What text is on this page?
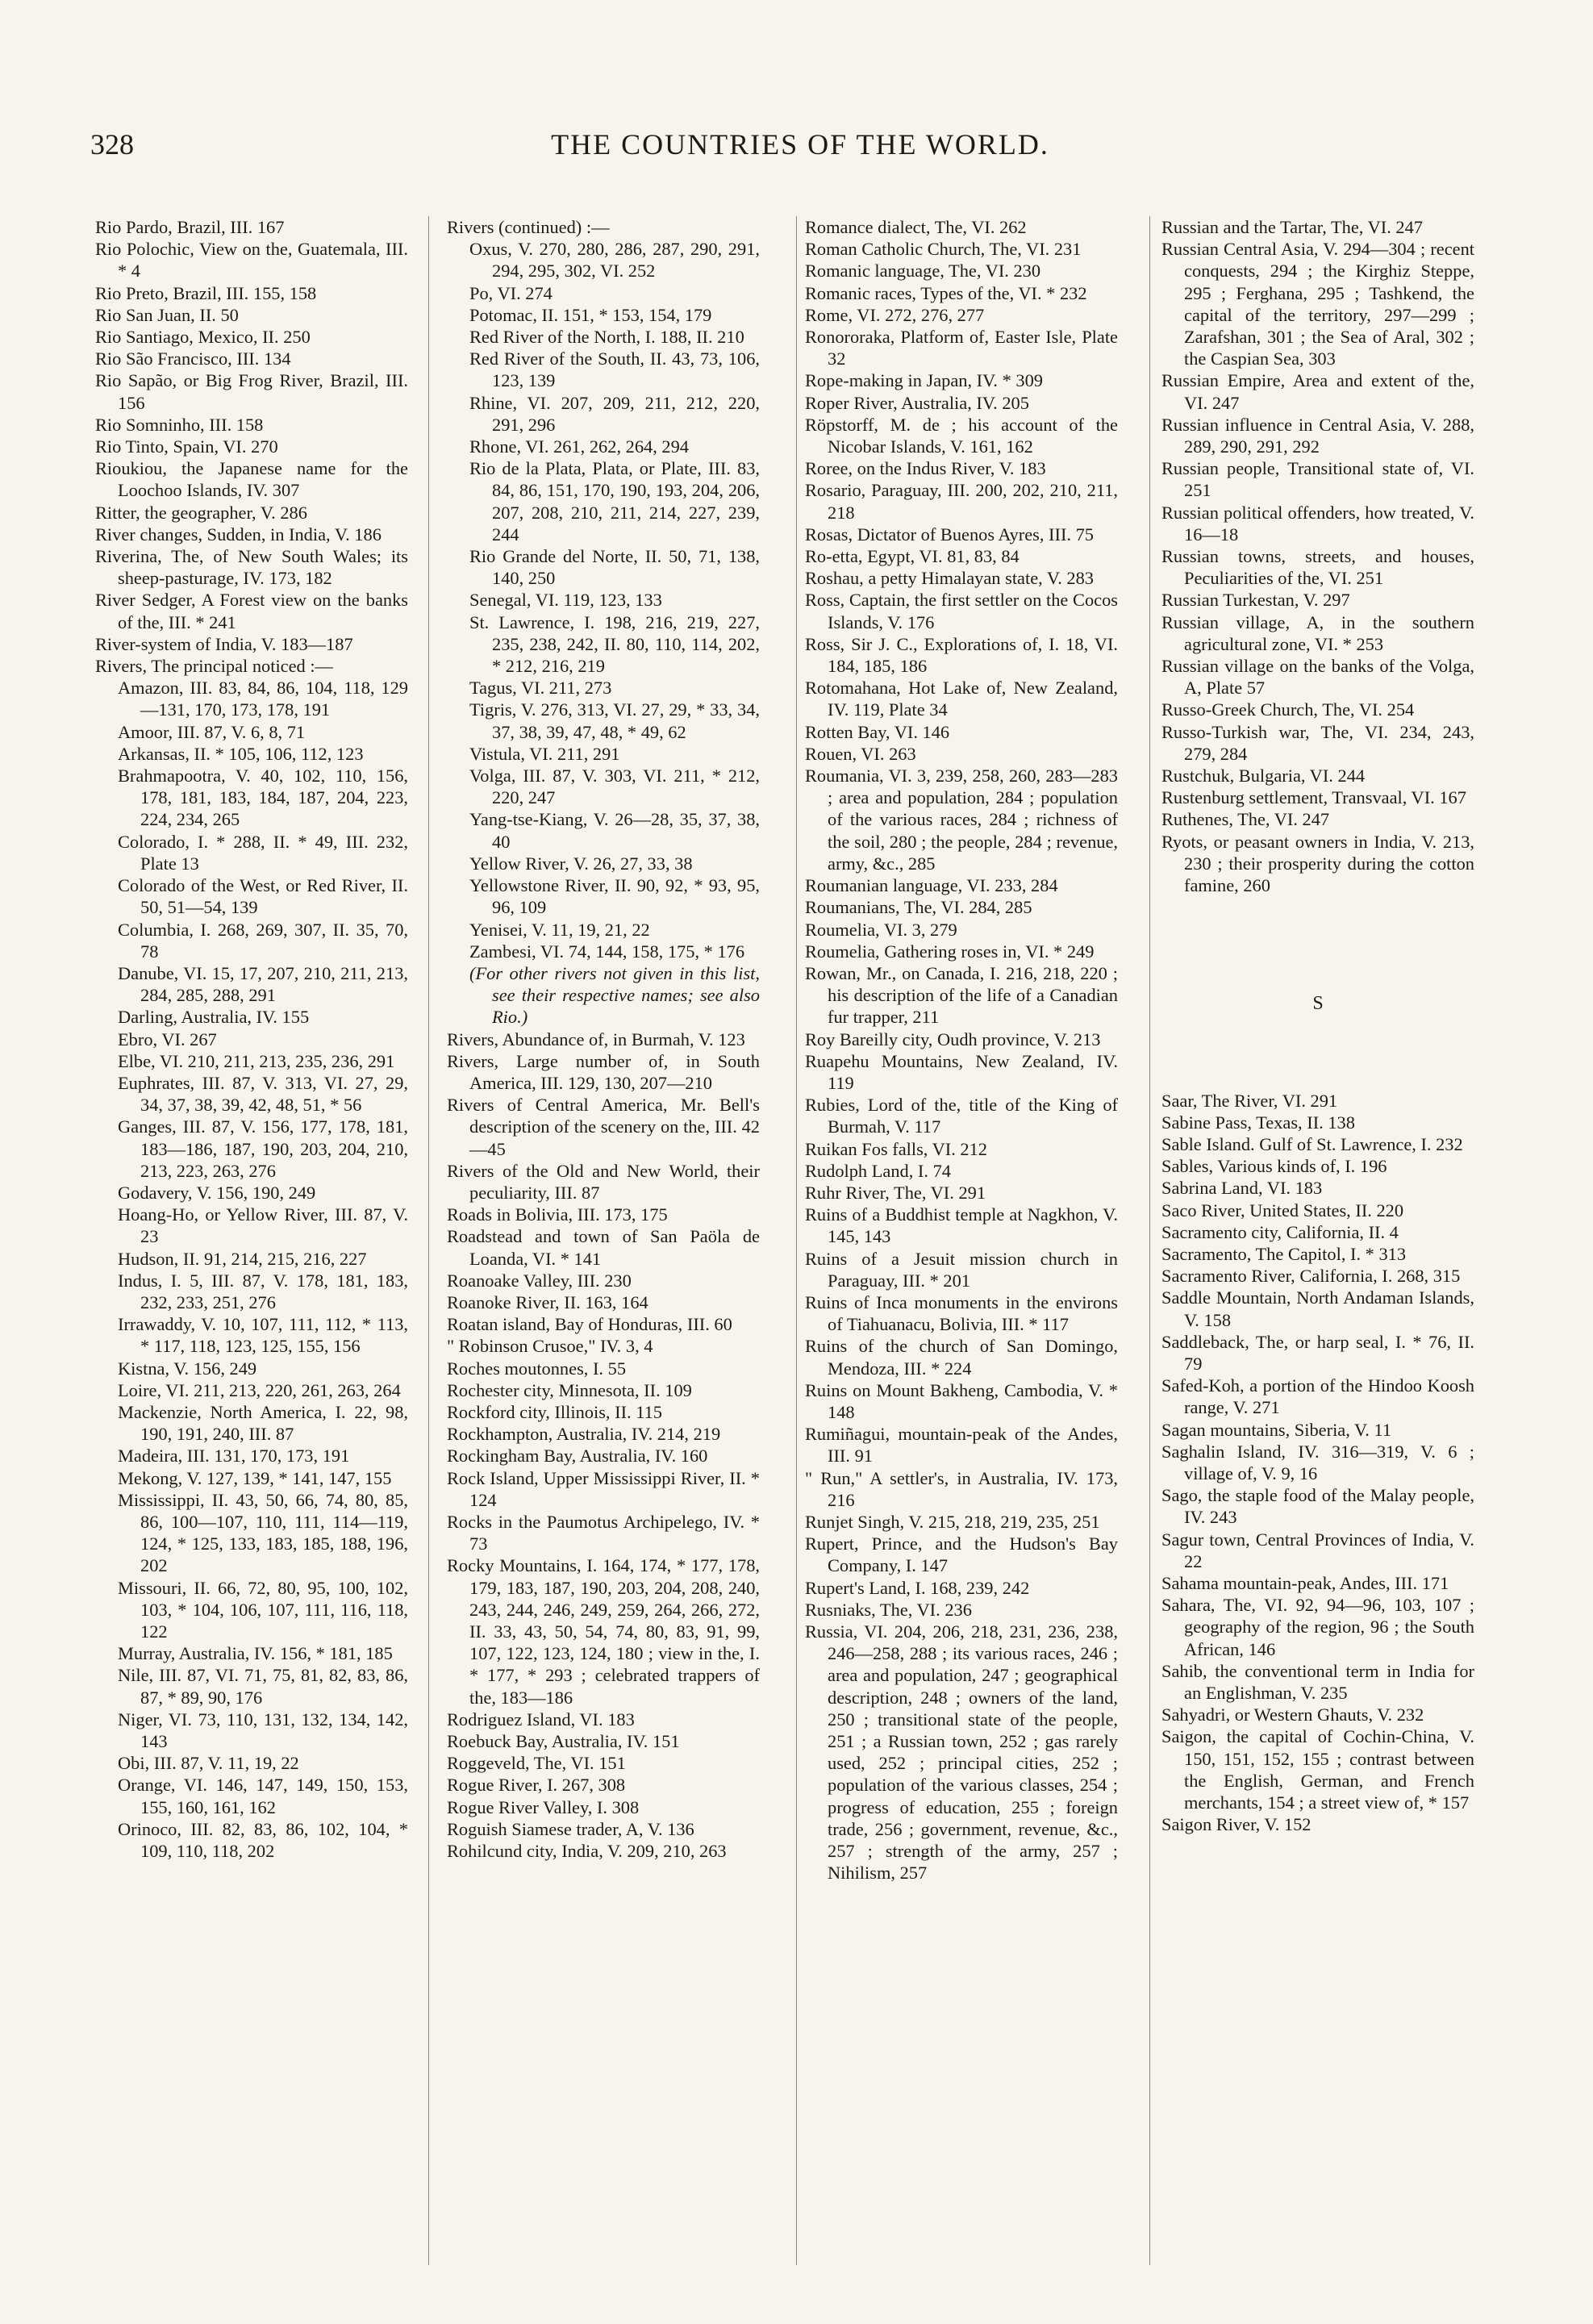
328	THE COUNTRIES OF THE WORLD.

Rio Pardo, Brazil, III. 167

Rio Polochic, View on the, Guatemala, III. * 4

Rio Preto, Brazil, III. 155, 158

Rio San Juan, II. 50

Rio Santiago, Mexico, II. 250

Rio São Francisco, III. 134

Rio Sapão, or Big Frog River, Brazil, III. 156

Rio Somninho, III. 158

Rio Tinto, Spain, VI. 270

Rioukiou, the Japanese name for the Loochoo Islands, IV. 307

Ritter, the geographer, V. 286

River changes, Sudden, in India, V. 186

Riverina, The, of New South Wales; its sheep-pasturage, IV. 173, 182

River Sedger, A Forest view on the banks of the, III. * 241

River-system of India, V. 183—187

Rivers, The principal noticed :—

Amazon, III. 83, 84, 86, 104, 118, 129—131, 170, 173, 178, 191

Amoor, III. 87, V. 6, 8, 71

Arkansas, II. * 105, 106, 112, 123

Brahmapootra, V. 40, 102, 110, 156, 178, 181, 183, 184, 187, 204, 223, 224, 234, 265

Colorado, I. * 288, II. * 49, III. 232, Plate 13

Colorado of the West, or Red River, II. 50, 51—54, 139

Columbia, I. 268, 269, 307, II. 35, 70, 78

Danube, VI. 15, 17, 207, 210, 211, 213, 284, 285, 288, 291

Darling, Australia, IV. 155

Ebro, VI. 267

Elbe, VI. 210, 211, 213, 235, 236, 291

Euphrates, III. 87, V. 313, VI. 27, 29, 34, 37, 38, 39, 42, 48, 51, * 56

Ganges, III. 87, V. 156, 177, 178, 181, 183—186, 187, 190, 203, 204, 210, 213, 223, 263, 276

Godavery, V. 156, 190, 249

Hoang-Ho, or Yellow River, III. 87, V. 23

Hudson, II. 91, 214, 215, 216, 227

Indus, I. 5, III. 87, V. 178, 181, 183, 232, 233, 251, 276

Irrawaddy, V. 10, 107, 111, 112, * 113, * 117, 118, 123, 125, 155, 156

Kistna, V. 156, 249

Loire, VI. 211, 213, 220, 261, 263, 264

Mackenzie, North America, I. 22, 98, 190, 191, 240, III. 87

Madeira, III. 131, 170, 173, 191

Mekong, V. 127, 139, * 141, 147, 155

Mississippi, II. 43, 50, 66, 74, 80, 85, 86, 100—107, 110, 111, 114—119, 124, * 125, 133, 183, 185, 188, 196, 202

Missouri, II. 66, 72, 80, 95, 100, 102, 103, * 104, 106, 107, 111, 116, 118, 122

Murray, Australia, IV. 156, * 181, 185

Nile, III. 87, VI. 71, 75, 81, 82, 83, 86, 87, * 89, 90, 176

Niger, VI. 73, 110, 131, 132, 134, 142, 143

Obi, III. 87, V. 11, 19, 22

Orange, VI. 146, 147, 149, 150, 153, 155, 160, 161, 162

Orinoco, III. 82, 83, 86, 102, 104, * 109, 110, 118, 202

Rivers (continued) :—

Oxus, V. 270, 280, 286, 287, 290, 291, 294, 295, 302, VI. 252

Po, VI. 274

Potomac, II. 151, * 153, 154, 179

Red River of the North, I. 188, II. 210

Red River of the South, II. 43, 73, 106, 123, 139

Rhine, VI. 207, 209, 211, 212, 220, 291, 296

Rhone, VI. 261, 262, 264, 294

Rio de la Plata, Plata, or Plate, III. 83, 84, 86, 151, 170, 190, 193, 204, 206, 207, 208, 210, 211, 214, 227, 239, 244

Rio Grande del Norte, II. 50, 71, 138, 140, 250

Senegal, VI. 119, 123, 133

St. Lawrence, I. 198, 216, 219, 227, 235, 238, 242, II. 80, 110, 114, 202, * 212, 216, 219

Tagus, VI. 211, 273

Tigris, V. 276, 313, VI. 27, 29, * 33, 34, 37, 38, 39, 47, 48, * 49, 62

Vistula, VI. 211, 291

Volga, III. 87, V. 303, VI. 211, * 212, 220, 247

Yang-tse-Kiang, V. 26—28, 35, 37, 38, 40

Yellow River, V. 26, 27, 33, 38

Yellowstone River, II. 90, 92, * 93, 95, 96, 109

Yenisei, V. 11, 19, 21, 22

Zambesi, VI. 74, 144, 158, 175, * 176

(For other rivers not given in this list, see their respective names; see also Rio.)

Rivers, Abundance of, in Burmah, V. 123

Rivers, Large number of, in South America, III. 129, 130, 207—210

Rivers of Central America, Mr. Bell's description of the scenery on the, III. 42—45

Rivers of the Old and New World, their peculiarity, III. 87

Roads in Bolivia, III. 173, 175

Roadstead and town of San Paöla de Loanda, VI. * 141

Roanoake Valley, III. 230

Roanoke River, II. 163, 164

Roatan island, Bay of Honduras, III. 60

" Robinson Crusoe," IV. 3, 4

Roches moutonnes, I. 55

Rochester city, Minnesota, II. 109

Rockford city, Illinois, II. 115

Rockhampton, Australia, IV. 214, 219

Rockingham Bay, Australia, IV. 160

Rock Island, Upper Mississippi River, II. * 124

Rocks in the Paumotus Archipelego, IV. * 73

Rocky Mountains, I. 164, 174, * 177, 178, 179, 183, 187, 190, 203, 204, 208, 240, 243, 244, 246, 249, 259, 264, 266, 272, II. 33, 43, 50, 54, 74, 80, 83, 91, 99, 107, 122, 123, 124, 180 ; view in the, I. * 177, * 293 ; celebrated trappers of the, 183—186

Rodriguez Island, VI. 183

Roebuck Bay, Australia, IV. 151

Roggeveld, The, VI. 151

Rogue River, I. 267, 308

Rogue River Valley, I. 308

Roguish Siamese trader, A, V. 136

Rohilcund city, India, V. 209, 210, 263

Romance dialect, The, VI. 262

Roman Catholic Church, The, VI. 231

Romanic language, The, VI. 230

Romanic races, Types of the, VI. * 232

Rome, VI. 272, 276, 277

Ronororaka, Platform of, Easter Isle, Plate 32

Rope-making in Japan, IV. * 309

Roper River, Australia, IV. 205

Röpstorff, M. de ; his account of the Nicobar Islands, V. 161, 162

Roree, on the Indus River, V. 183

Rosario, Paraguay, III. 200, 202, 210, 211, 218

Rosas, Dictator of Buenos Ayres, III. 75

Ro-etta, Egypt, VI. 81, 83, 84

Roshau, a petty Himalayan state, V. 283

Ross, Captain, the first settler on the Cocos Islands, V. 176

Ross, Sir J. C., Explorations of, I. 18, VI. 184, 185, 186

Rotomahana, Hot Lake of, New Zealand, IV. 119, Plate 34

Rotten Bay, VI. 146

Rouen, VI. 263

Roumania, VI. 3, 239, 258, 260, 283—283 ; area and population, 284 ; population of the various races, 284 ; richness of the soil, 280 ; the people, 284 ; revenue, army, &c., 285

Roumanian language, VI. 233, 284

Roumanians, The, VI. 284, 285

Roumelia, VI. 3, 279

Roumelia, Gathering roses in, VI. * 249

Rowan, Mr., on Canada, I. 216, 218, 220 ; his description of the life of a Canadian fur trapper, 211

Roy Bareilly city, Oudh province, V. 213

Ruapehu Mountains, New Zealand, IV. 119

Rubies, Lord of the, title of the King of Burmah, V. 117

Ruikan Fos falls, VI. 212

Rudolph Land, I. 74

Ruhr River, The, VI. 291

Ruins of a Buddhist temple at Nagkhon, V. 145, 143

Ruins of a Jesuit mission church in Paraguay, III. * 201

Ruins of Inca monuments in the environs of Tiahuanacu, Bolivia, III. * 117

Ruins of the church of San Domingo, Mendoza, III. * 224

Ruins on Mount Bakheng, Cambodia, V. * 148

Rumiñagui, mountain-peak of the Andes, III. 91

" Run," A settler's, in Australia, IV. 173, 216

Runjet Singh, V. 215, 218, 219, 235, 251

Rupert, Prince, and the Hudson's Bay Company, I. 147

Rupert's Land, I. 168, 239, 242

Rusniaks, The, VI. 236

Russia, VI. 204, 206, 218, 231, 236, 238, 246—258, 288 ; its various races, 246 ; area and population, 247 ; geographical description, 248 ; owners of the land, 250 ; transitional state of the people, 251 ; a Russian town, 252 ; gas rarely used, 252 ; principal cities, 252 ; population of the various classes, 254 ; progress of education, 255 ; foreign trade, 256 ; government, revenue, &c., 257 ; strength of the army, 257 ; Nihilism, 257

Russian and the Tartar, The, VI. 247

Russian Central Asia, V. 294—304 ; recent conquests, 294 ; the Kirghiz Steppe, 295 ; Ferghana, 295 ; Tashkend, the capital of the territory, 297—299 ; Zarafshan, 301 ; the Sea of Aral, 302 ; the Caspian Sea, 303

Russian Empire, Area and extent of the, VI. 247

Russian influence in Central Asia, V. 288, 289, 290, 291, 292

Russian people, Transitional state of, VI. 251

Russian political offenders, how treated, V. 16—18

Russian towns, streets, and houses, Peculiarities of the, VI. 251

Russian Turkestan, V. 297

Russian village, A, in the southern agricultural zone, VI. * 253

Russian village on the banks of the Volga, A, Plate 57

Russo-Greek Church, The, VI. 254

Russo-Turkish war, The, VI. 234, 243, 279, 284

Rustchuk, Bulgaria, VI. 244

Rustenburg settlement, Transvaal, VI. 167

Ruthenes, The, VI. 247

Ryots, or peasant owners in India, V. 213, 230 ; their prosperity during the cotton famine, 260

S

Saar, The River, VI. 291

Sabine Pass, Texas, II. 138

Sable Island. Gulf of St. Lawrence, I. 232

Sables, Various kinds of, I. 196

Sabrina Land, VI. 183

Saco River, United States, II. 220

Sacramento city, California, II. 4

Sacramento, The Capitol, I. * 313

Sacramento River, California, I. 268, 315

Saddle Mountain, North Andaman Islands, V. 158

Saddleback, The, or harp seal, I. * 76, II. 79

Safed-Koh, a portion of the Hindoo Koosh range, V. 271

Sagan mountains, Siberia, V. 11

Saghalin Island, IV. 316—319, V. 6 ; village of, V. 9, 16

Sago, the staple food of the Malay people, IV. 243

Sagur town, Central Provinces of India, V. 22

Sahama mountain-peak, Andes, III. 171

Sahara, The, VI. 92, 94—96, 103, 107 ; geography of the region, 96 ; the South African, 146

Sahib, the conventional term in India for an Englishman, V. 235

Sahyadri, or Western Ghauts, V. 232

Saigon, the capital of Cochin-China, V. 150, 151, 152, 155 ; contrast between the English, German, and French merchants, 154 ; a street view of, * 157

Saigon River, V. 152
